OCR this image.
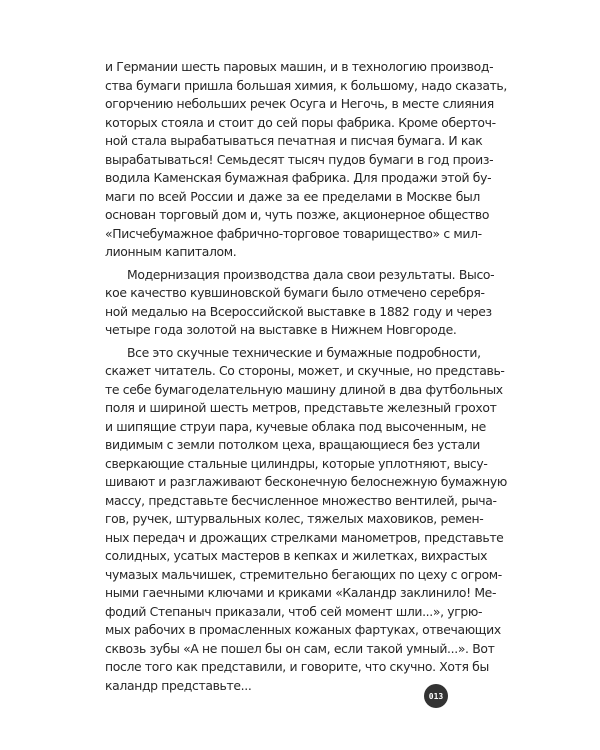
и Германии шесть паровых машин, и в технологию производ-
ства бумаги пришла большая химия, к большому, надо сказать,
огорчению небольших речек Осуга и Негочь, в месте слияния
которых стояла и стоит до сей поры фабрика. Кроме оберточ-
ной стала вырабатываться печатная и писчая бумага. И как
вырабатываться! Семьдесят тысяч пудов бумаги в год произ-
водила Каменская бумажная фабрика. Для продажи этой бу-
маги по всей России и даже за ее пределами в Москве был
основан торговый дом и, чуть позже, акционерное общество
«Писчебумажное фабрично-торговое товарищество» с мил-
лионным капиталом.

Модернизация производства дала свои результаты. Высо-
кое качество кувшиновской бумаги было отмечено серебря-
ной медалью на Всероссийской выставке в 1882 году и через
четыре года золотой на выставке в Нижнем Новгороде.

Все это скучные технические и бумажные подробности,
скажет читатель. Со стороны, может, и скучные, но представь-
те себе бумагоделательную машину длиной в два футбольных
поля и шириной шесть метров, представьте железный грохот
и шипящие струи пара, кучевые облака под высоченным, не
видимым с земли потолком цеха, вращающиеся без устали
сверкающие стальные цилиндры, которые уплотняют, высу-
шивают и разглаживают бесконечную белоснежную бумажную
массу, представьте бесчисленное множество вентилей, рыча-
гов, ручек, штурвальных колес, тяжелых маховиков, ремен-
ных передач и дрожащих стрелками манометров, представьте
солидных, усатых мастеров в кепках и жилетках, вихрастых
чумазых мальчишек, стремительно бегающих по цеху с огром-
ными гаечными ключами и криками «Каландр заклинило! Ме-
фодий Степаныч приказали, чтоб сей момент шли...», угрю-
мых рабочих в промасленных кожаных фартуках, отвечающих
сквозь зубы «А не пошел бы он сам, если такой умный...». Вот
после того как представили, и говорите, что скучно. Хотя бы
каландр представьте...

013
